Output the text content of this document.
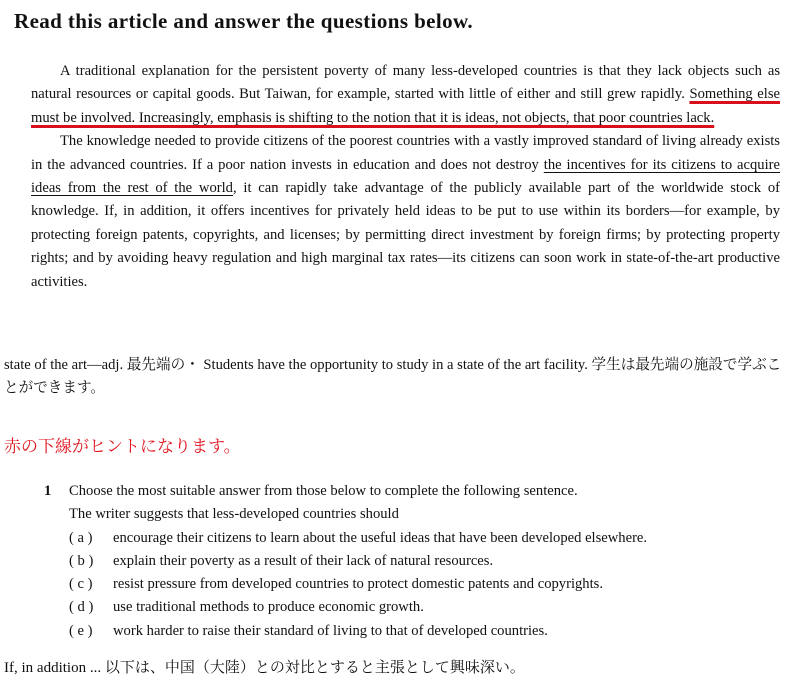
Read this article and answer the questions below.

A traditional explanation for the persistent poverty of many less-developed countries is that they lack objects such as natural resources or capital goods. But Taiwan, for example, started with little of either and still grew rapidly. Something else must be involved. Increasingly, emphasis is shifting to the notion that it is ideas, not objects, that poor countries lack.

The knowledge needed to provide citizens of the poorest countries with a vastly improved standard of living already exists in the advanced countries. If a poor nation invests in education and does not destroy the incentives for its citizens to acquire ideas from the rest of the world, it can rapidly take advantage of the publicly available part of the worldwide stock of knowledge. If, in addition, it offers incentives for privately held ideas to be put to use within its borders—for example, by protecting foreign patents, copyrights, and licenses; by permitting direct investment by foreign firms; by protecting property rights; and by avoiding heavy regulation and high marginal tax rates—its citizens can soon work in state-of-the-art productive activities.

state of the art—adj. 最先端の・ Students have the opportunity to study in a state of the art facility. 学生は最先端の施設で学ぶことができます。
赤の下線がヒントになります。
1	Choose the most suitable answer from those below to complete the following sentence.
The writer suggests that less-developed countries should
( a )	encourage their citizens to learn about the useful ideas that have been developed elsewhere.
( b )	explain their poverty as a result of their lack of natural resources.
( c )	resist pressure from developed countries to protect domestic patents and copyrights.
( d )	use traditional methods to produce economic growth.
( e )	work harder to raise their standard of living to that of developed countries.
If, in addition ... 以下は、中国（大陸）との対比とすると主張として興味深い。
